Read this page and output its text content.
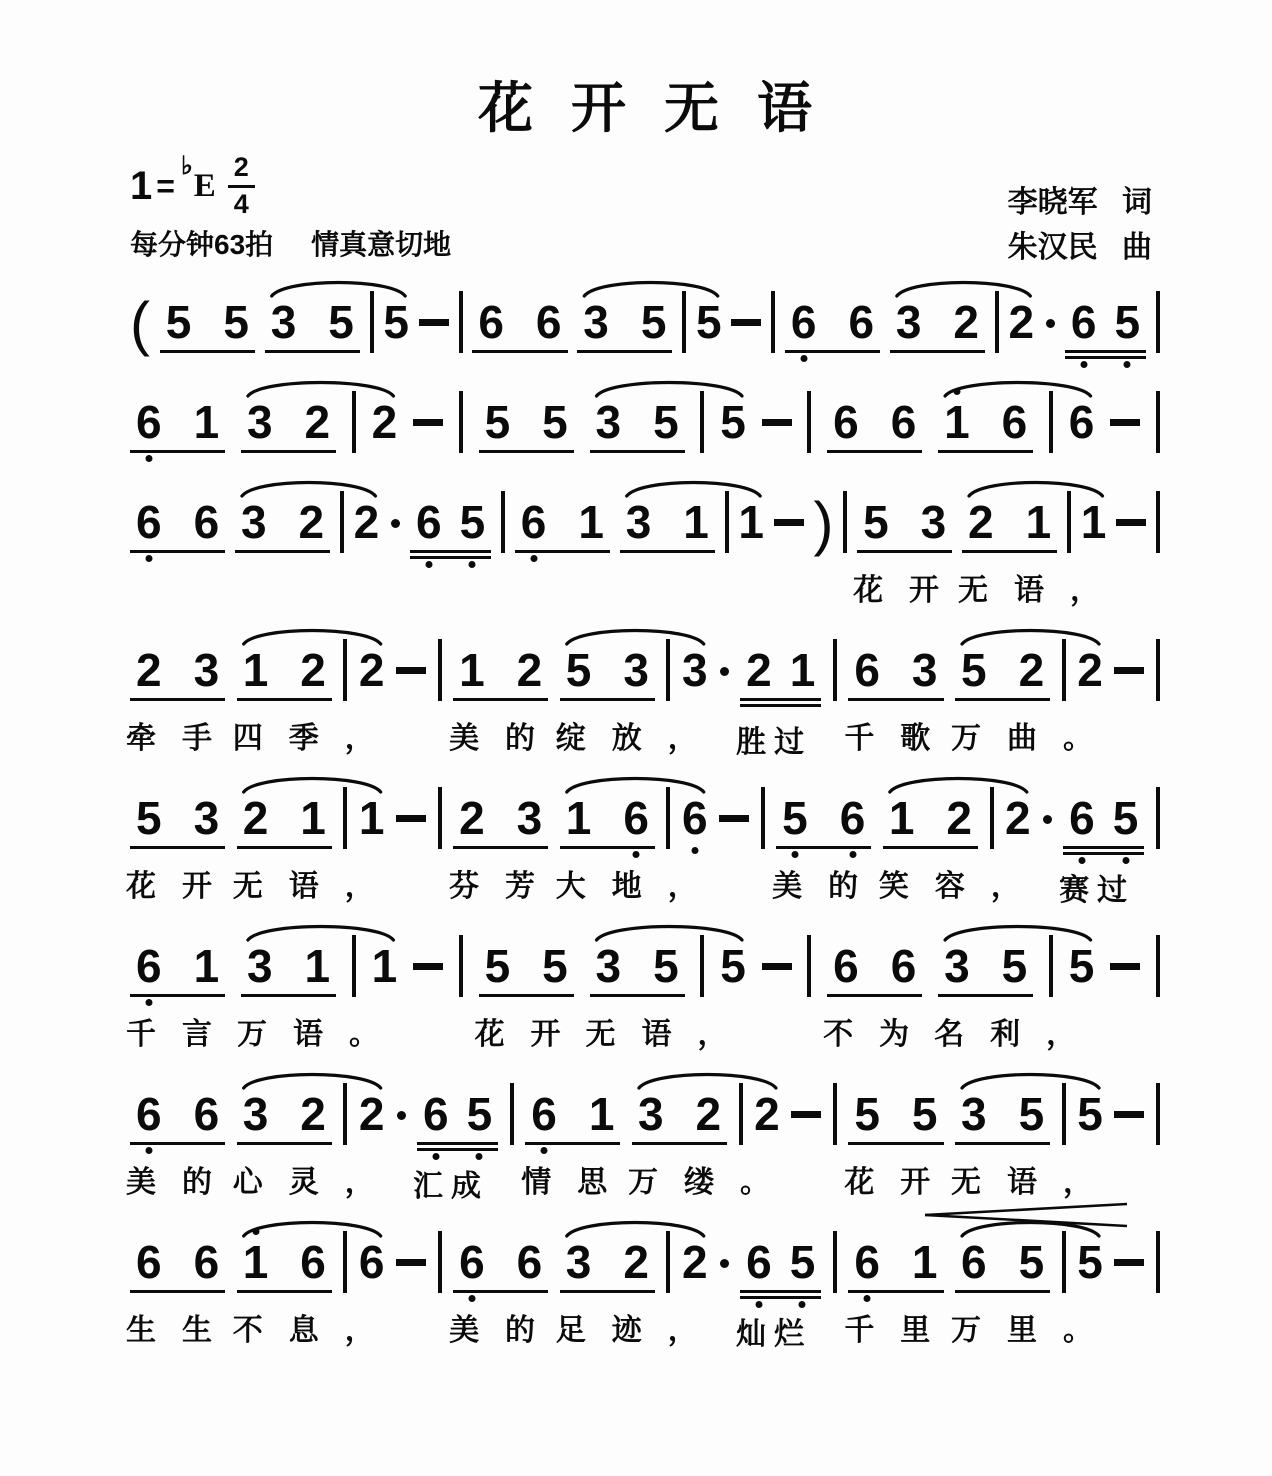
花开无语
1 =
♭
E $\frac{2}{4}$
每分钟63拍 情真意切地
李晓军 词
朱汉民 曲
( 5 5 3 5 5 6 6 3 5 5 6 6 3 2 2 6 5
6 1 3 2 2 5 5 3 5 5 6 6 1 6 6
6 6 3 2 2 6 5 6 1 3 1 1 ) 5 3
花开
2 1
无语，
1
2 3
牵手
1 2
四季，
2 1 2
美的
5 3
绽放，
3 2 1
胜过
6 3
千歌
5 2
万曲。
2
5 3
花开
2 1
无语，
1 2 3
芬芳
1 6
大地，
6 5 6
美的
1 2
笑容，
2 6 5
赛过
6 1
千言
3 1
万语。
1 5 5
花开
3 5
无语，
5 6 6
不为
3 5
名利，
5
6 6
美的
3 2
心灵，
2 6 5
汇成
6 1
情思
3 2
万缕。
2 5 5
花开
3 5
无语，
5
6 6
生生
1 6
不息，
6 6 6
美的
3 2
足迹，
2 6 5
灿烂
6 1
千里
6 5
万里。
5
